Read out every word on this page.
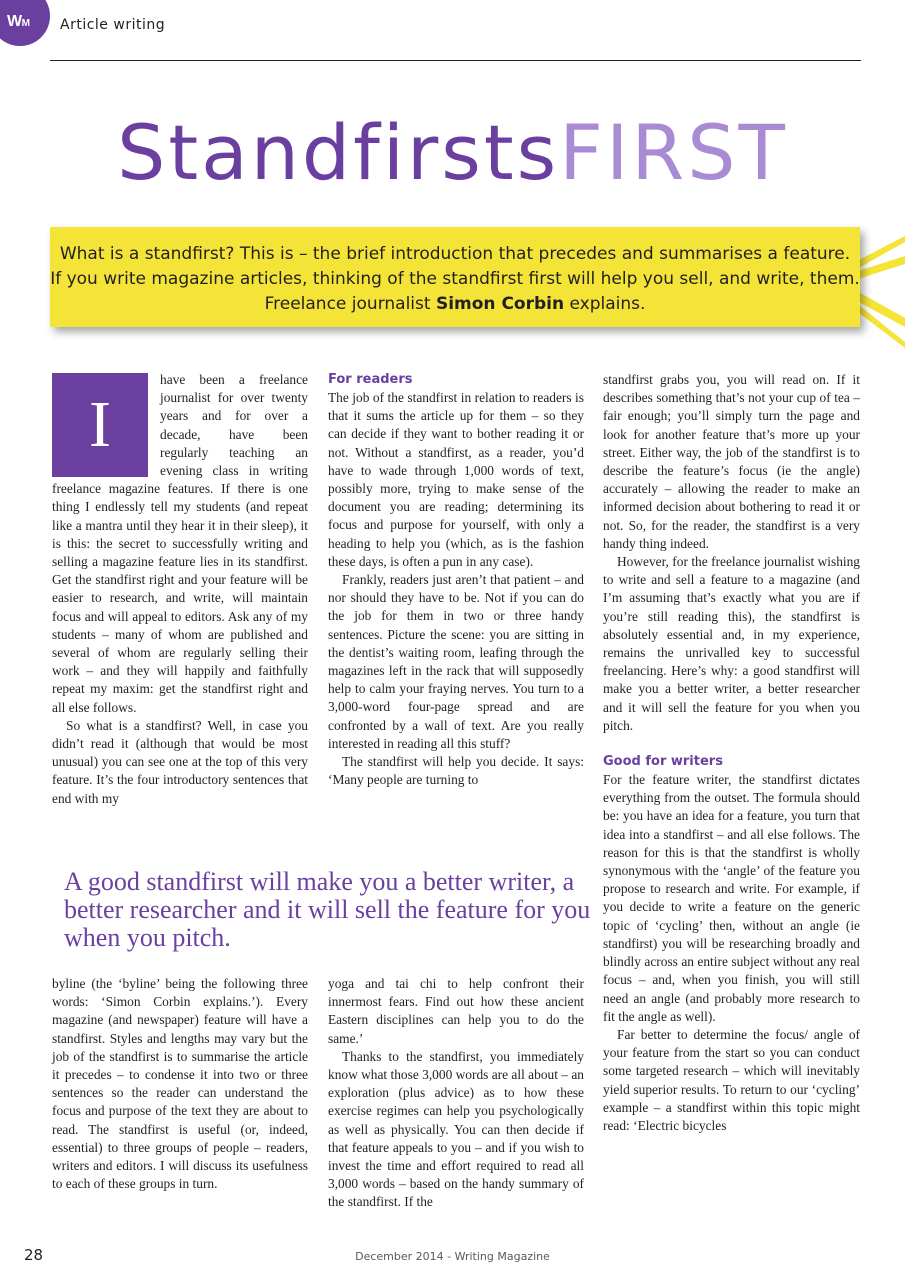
WM Article writing
StandfirstsFIRST

What is a standfirst? This is – the brief introduction that precedes and summarises a feature.

If you write magazine articles, thinking of the standfirst first will help you sell, and write, them.

Freelance journalist Simon Corbin explains.

I

have been a freelance journalist for over twenty years and for over a decade, have been regularly teaching an evening class in writing freelance magazine features. If there is one thing I endlessly tell my students (and repeat like a mantra until they hear it in their sleep), it is this: the secret to successfully writing and selling a magazine feature lies in its standfirst. Get the standfirst right and your feature will be easier to research, and write, will maintain focus and will appeal to editors. Ask any of my students – many of whom are published and several of whom are regularly selling their work – and they will happily and faithfully repeat my maxim: get the standfirst right and all else follows.

So what is a standfirst? Well, in case you didn’t read it (although that would be most unusual) you can see one at the top of this very feature. It’s the four introductory sentences that end with my

For readers

The job of the standfirst in relation to readers is that it sums the article up for them – so they can decide if they want to bother reading it or not. Without a standfirst, as a reader, you’d have to wade through 1,000 words of text, possibly more, trying to make sense of the document you are reading; determining its focus and purpose for yourself, with only a heading to help you (which, as is the fashion these days, is often a pun in any case).

Frankly, readers just aren’t that patient – and nor should they have to be. Not if you can do the job for them in two or three handy sentences. Picture the scene: you are sitting in the dentist’s waiting room, leafing through the magazines left in the rack that will supposedly help to calm your fraying nerves. You turn to a 3,000-word four-page spread and are confronted by a wall of text. Are you really interested in reading all this stuff?

The standfirst will help you decide. It says: ‘Many people are turning to

A good standfirst will make you a better writer, a better researcher and it will sell the feature for you when you pitch.

byline (the ‘byline’ being the following three words: ‘Simon Corbin explains.’). Every magazine (and newspaper) feature will have a standfirst. Styles and lengths may vary but the job of the standfirst is to summarise the article it precedes – to condense it into two or three sentences so the reader can understand the focus and purpose of the text they are about to read. The standfirst is useful (or, indeed, essential) to three groups of people – readers, writers and editors. I will discuss its usefulness to each of these groups in turn.

yoga and tai chi to help confront their innermost fears. Find out how these ancient Eastern disciplines can help you to do the same.’

Thanks to the standfirst, you immediately know what those 3,000 words are all about – an exploration (plus advice) as to how these exercise regimes can help you psychologically as well as physically. You can then decide if that feature appeals to you – and if you wish to invest the time and effort required to read all 3,000 words – based on the handy summary of the standfirst. If the

standfirst grabs you, you will read on. If it describes something that’s not your cup of tea – fair enough; you’ll simply turn the page and look for another feature that’s more up your street. Either way, the job of the standfirst is to describe the feature’s focus (ie the angle) accurately – allowing the reader to make an informed decision about bothering to read it or not. So, for the reader, the standfirst is a very handy thing indeed.

However, for the freelance journalist wishing to write and sell a feature to a magazine (and I’m assuming that’s exactly what you are if you’re still reading this), the standfirst is absolutely essential and, in my experience, remains the unrivalled key to successful freelancing. Here’s why: a good standfirst will make you a better writer, a better researcher and it will sell the feature for you when you pitch.

Good for writers

For the feature writer, the standfirst dictates everything from the outset. The formula should be: you have an idea for a feature, you turn that idea into a standfirst – and all else follows. The reason for this is that the standfirst is wholly synonymous with the ‘angle’ of the feature you propose to research and write. For example, if you decide to write a feature on the generic topic of ‘cycling’ then, without an angle (ie standfirst) you will be researching broadly and blindly across an entire subject without any real focus – and, when you finish, you will still need an angle (and probably more research to fit the angle as well).

Far better to determine the focus/ angle of your feature from the start so you can conduct some targeted research – which will inevitably yield superior results. To return to our ‘cycling’ example – a standfirst within this topic might read: ‘Electric bicycles

28	December 2014 - Writing Magazine
